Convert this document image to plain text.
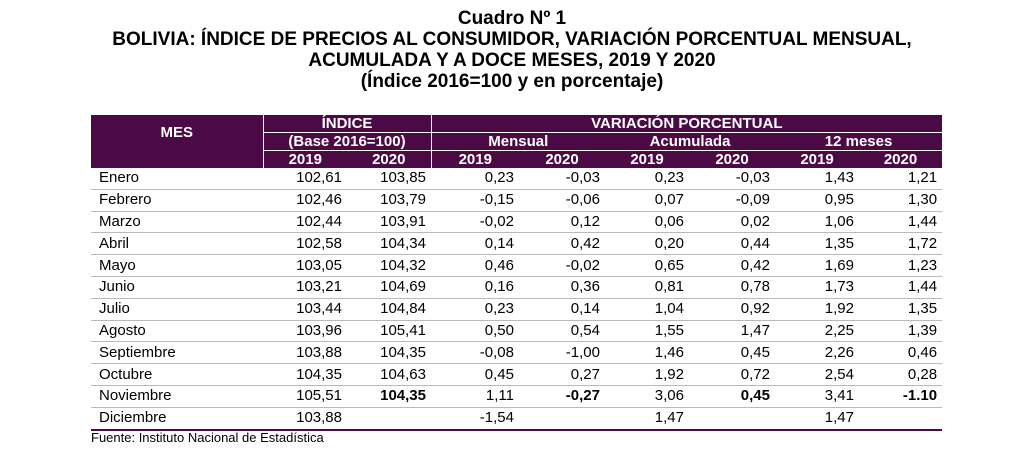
Cuadro Nº 1
BOLIVIA: ÍNDICE DE PRECIOS AL CONSUMIDOR, VARIACIÓN PORCENTUAL MENSUAL,
ACUMULADA Y A DOCE MESES, 2019 Y 2020
(Índice 2016=100 y en porcentaje)
MES	ÍNDICE		VARIACIÓN PORCENTUAL					
	(Base 2016=100)		Mensual		Acumulada		12 meses	
	2019	2020	2019	2020	2019	2020	2019	2020
Enero	102,61	103,85	0,23	-0,03	0,23	-0,03	1,43	1,21
Febrero	102,46	103,79	-0,15	-0,06	0,07	-0,09	0,95	1,30
Marzo	102,44	103,91	-0,02	0,12	0,06	0,02	1,06	1,44
Abril	102,58	104,34	0,14	0,42	0,20	0,44	1,35	1,72
Mayo	103,05	104,32	0,46	-0,02	0,65	0,42	1,69	1,23
Junio	103,21	104,69	0,16	0,36	0,81	0,78	1,73	1,44
Julio	103,44	104,84	0,23	0,14	1,04	0,92	1,92	1,35
Agosto	103,96	105,41	0,50	0,54	1,55	1,47	2,25	1,39
Septiembre	103,88	104,35	-0,08	-1,00	1,46	0,45	2,26	0,46
Octubre	104,35	104,63	0,45	0,27	1,92	0,72	2,54	0,28
Noviembre	105,51	104,35	1,11	-0,27	3,06	0,45	3,41	-1.10
Diciembre	103,88		-1,54		1,47		1,47	
Fuente: Instituto Nacional de Estadística
